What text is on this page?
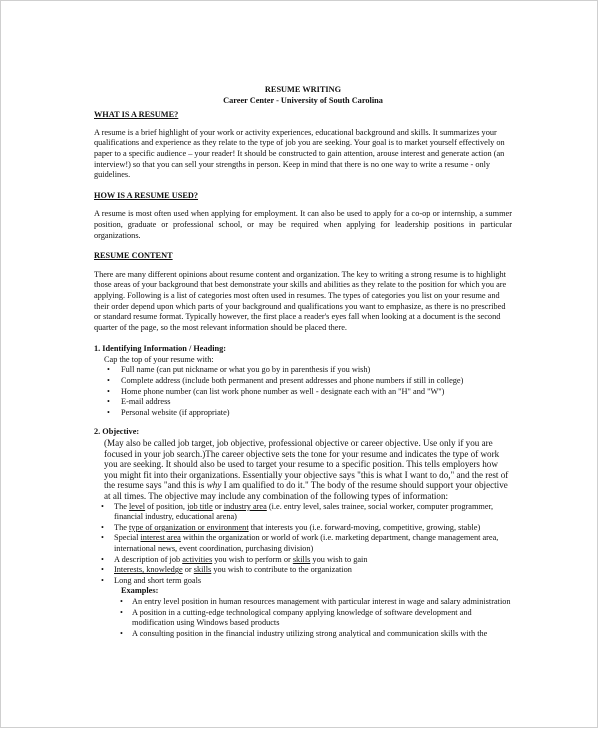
RESUME WRITING
Career Center - University of South Carolina
WHAT IS A RESUME?

A resume is a brief highlight of your work or activity experiences, educational background and skills. It summarizes your qualifications and experience as they relate to the type of job you are seeking. Your goal is to market yourself effectively on paper to a specific audience – your reader! It should be constructed to gain attention, arouse interest and generate action (an interview!) so that you can sell your strengths in person. Keep in mind that there is no one way to write a resume - only guidelines.

HOW IS A RESUME USED?

A resume is most often used when applying for employment. It can also be used to apply for a co-op or internship, a summer position, graduate or professional school, or may be required when applying for leadership positions in particular organizations.

RESUME CONTENT

There are many different opinions about resume content and organization. The key to writing a strong resume is to highlight those areas of your background that best demonstrate your skills and abilities as they relate to the position for which you are applying. Following is a list of categories most often used in resumes. The types of categories you list on your resume and their order depend upon which parts of your background and qualifications you want to emphasize, as there is no prescribed or standard resume format. Typically however, the first place a reader's eyes fall when looking at a document is the second quarter of the page, so the most relevant information should be placed there.

1. Identifying Information / Heading:
Cap the top of your resume with:
• Full name (can put nickname or what you go by in parenthesis if you wish)
• Complete address (include both permanent and present addresses and phone numbers if still in college)
• Home phone number (can list work phone number as well - designate each with an "H" and "W")
• E-mail address
• Personal website (if appropriate)
2. Objective:
(May also be called job target, job objective, professional objective or career objective. Use only if you are focused in your job search.)The career objective sets the tone for your resume and indicates the type of work you are seeking. It should also be used to target your resume to a specific position. This tells employers how you might fit into their organizations. Essentially your objective says "this is what I want to do," and the rest of the resume says "and this is why I am qualified to do it." The body of the resume should support your objective at all times. The objective may include any combination of the following types of information:
• The level of position, job title or industry area (i.e. entry level, sales trainee, social worker, computer programmer, financial industry, educational arena)
• The type of organization or environment that interests you (i.e. forward-moving, competitive, growing, stable)
• Special interest area within the organization or world of work (i.e. marketing department, change management area, international news, event coordination, purchasing division)
• A description of job activities you wish to perform or skills you wish to gain
• Interests, knowledge or skills you wish to contribute to the organization
• Long and short term goals
Examples:
• An entry level position in human resources management with particular interest in wage and salary administration
• A position in a cutting-edge technological company applying knowledge of software development and modification using Windows based products
• A consulting position in the financial industry utilizing strong analytical and communication skills with the
